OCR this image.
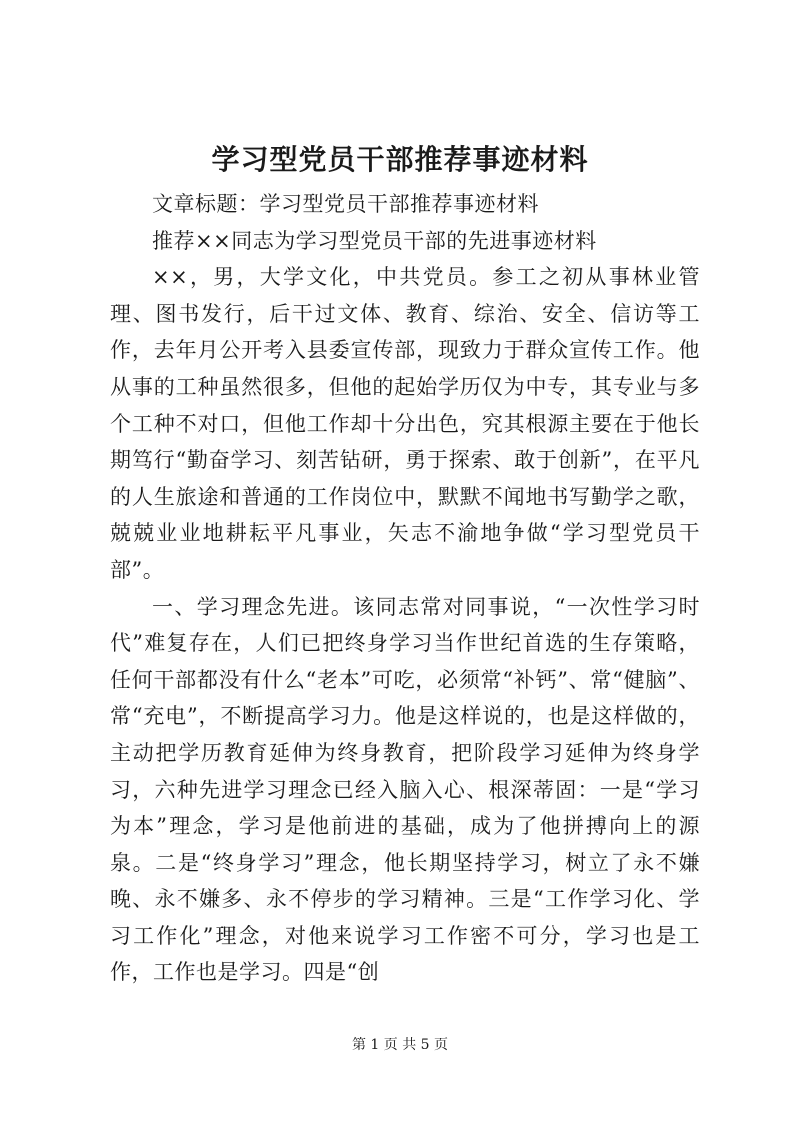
学习型党员干部推荐事迹材料

文章标题：学习型党员干部推荐事迹材料

推荐××同志为学习型党员干部的先进事迹材料

××，男，大学文化，中共党员。参工之初从事林业管理、图书发行，后干过文体、教育、综治、安全、信访等工作，去年月公开考入县委宣传部，现致力于群众宣传工作。他从事的工种虽然很多，但他的起始学历仅为中专，其专业与多个工种不对口，但他工作却十分出色，究其根源主要在于他长期笃行“勤奋学习、刻苦钻研，勇于探索、敢于创新”，在平凡的人生旅途和普通的工作岗位中，默默不闻地书写勤学之歌，兢兢业业地耕耘平凡事业，矢志不渝地争做“学习型党员干部”。

一、学习理念先进。该同志常对同事说，“一次性学习时代”难复存在，人们已把终身学习当作世纪首选的生存策略，任何干部都没有什么“老本”可吃，必须常“补钙”、常“健脑”、常“充电”，不断提高学习力。他是这样说的，也是这样做的，主动把学历教育延伸为终身教育，把阶段学习延伸为终身学习，六种先进学习理念已经入脑入心、根深蒂固：一是“学习为本”理念，学习是他前进的基础，成为了他拼搏向上的源泉。二是“终身学习”理念，他长期坚持学习，树立了永不嫌晚、永不嫌多、永不停步的学习精神。三是“工作学习化、学习工作化”理念，对他来说学习工作密不可分，学习也是工作，工作也是学习。四是“创

第 1 页 共 5 页
